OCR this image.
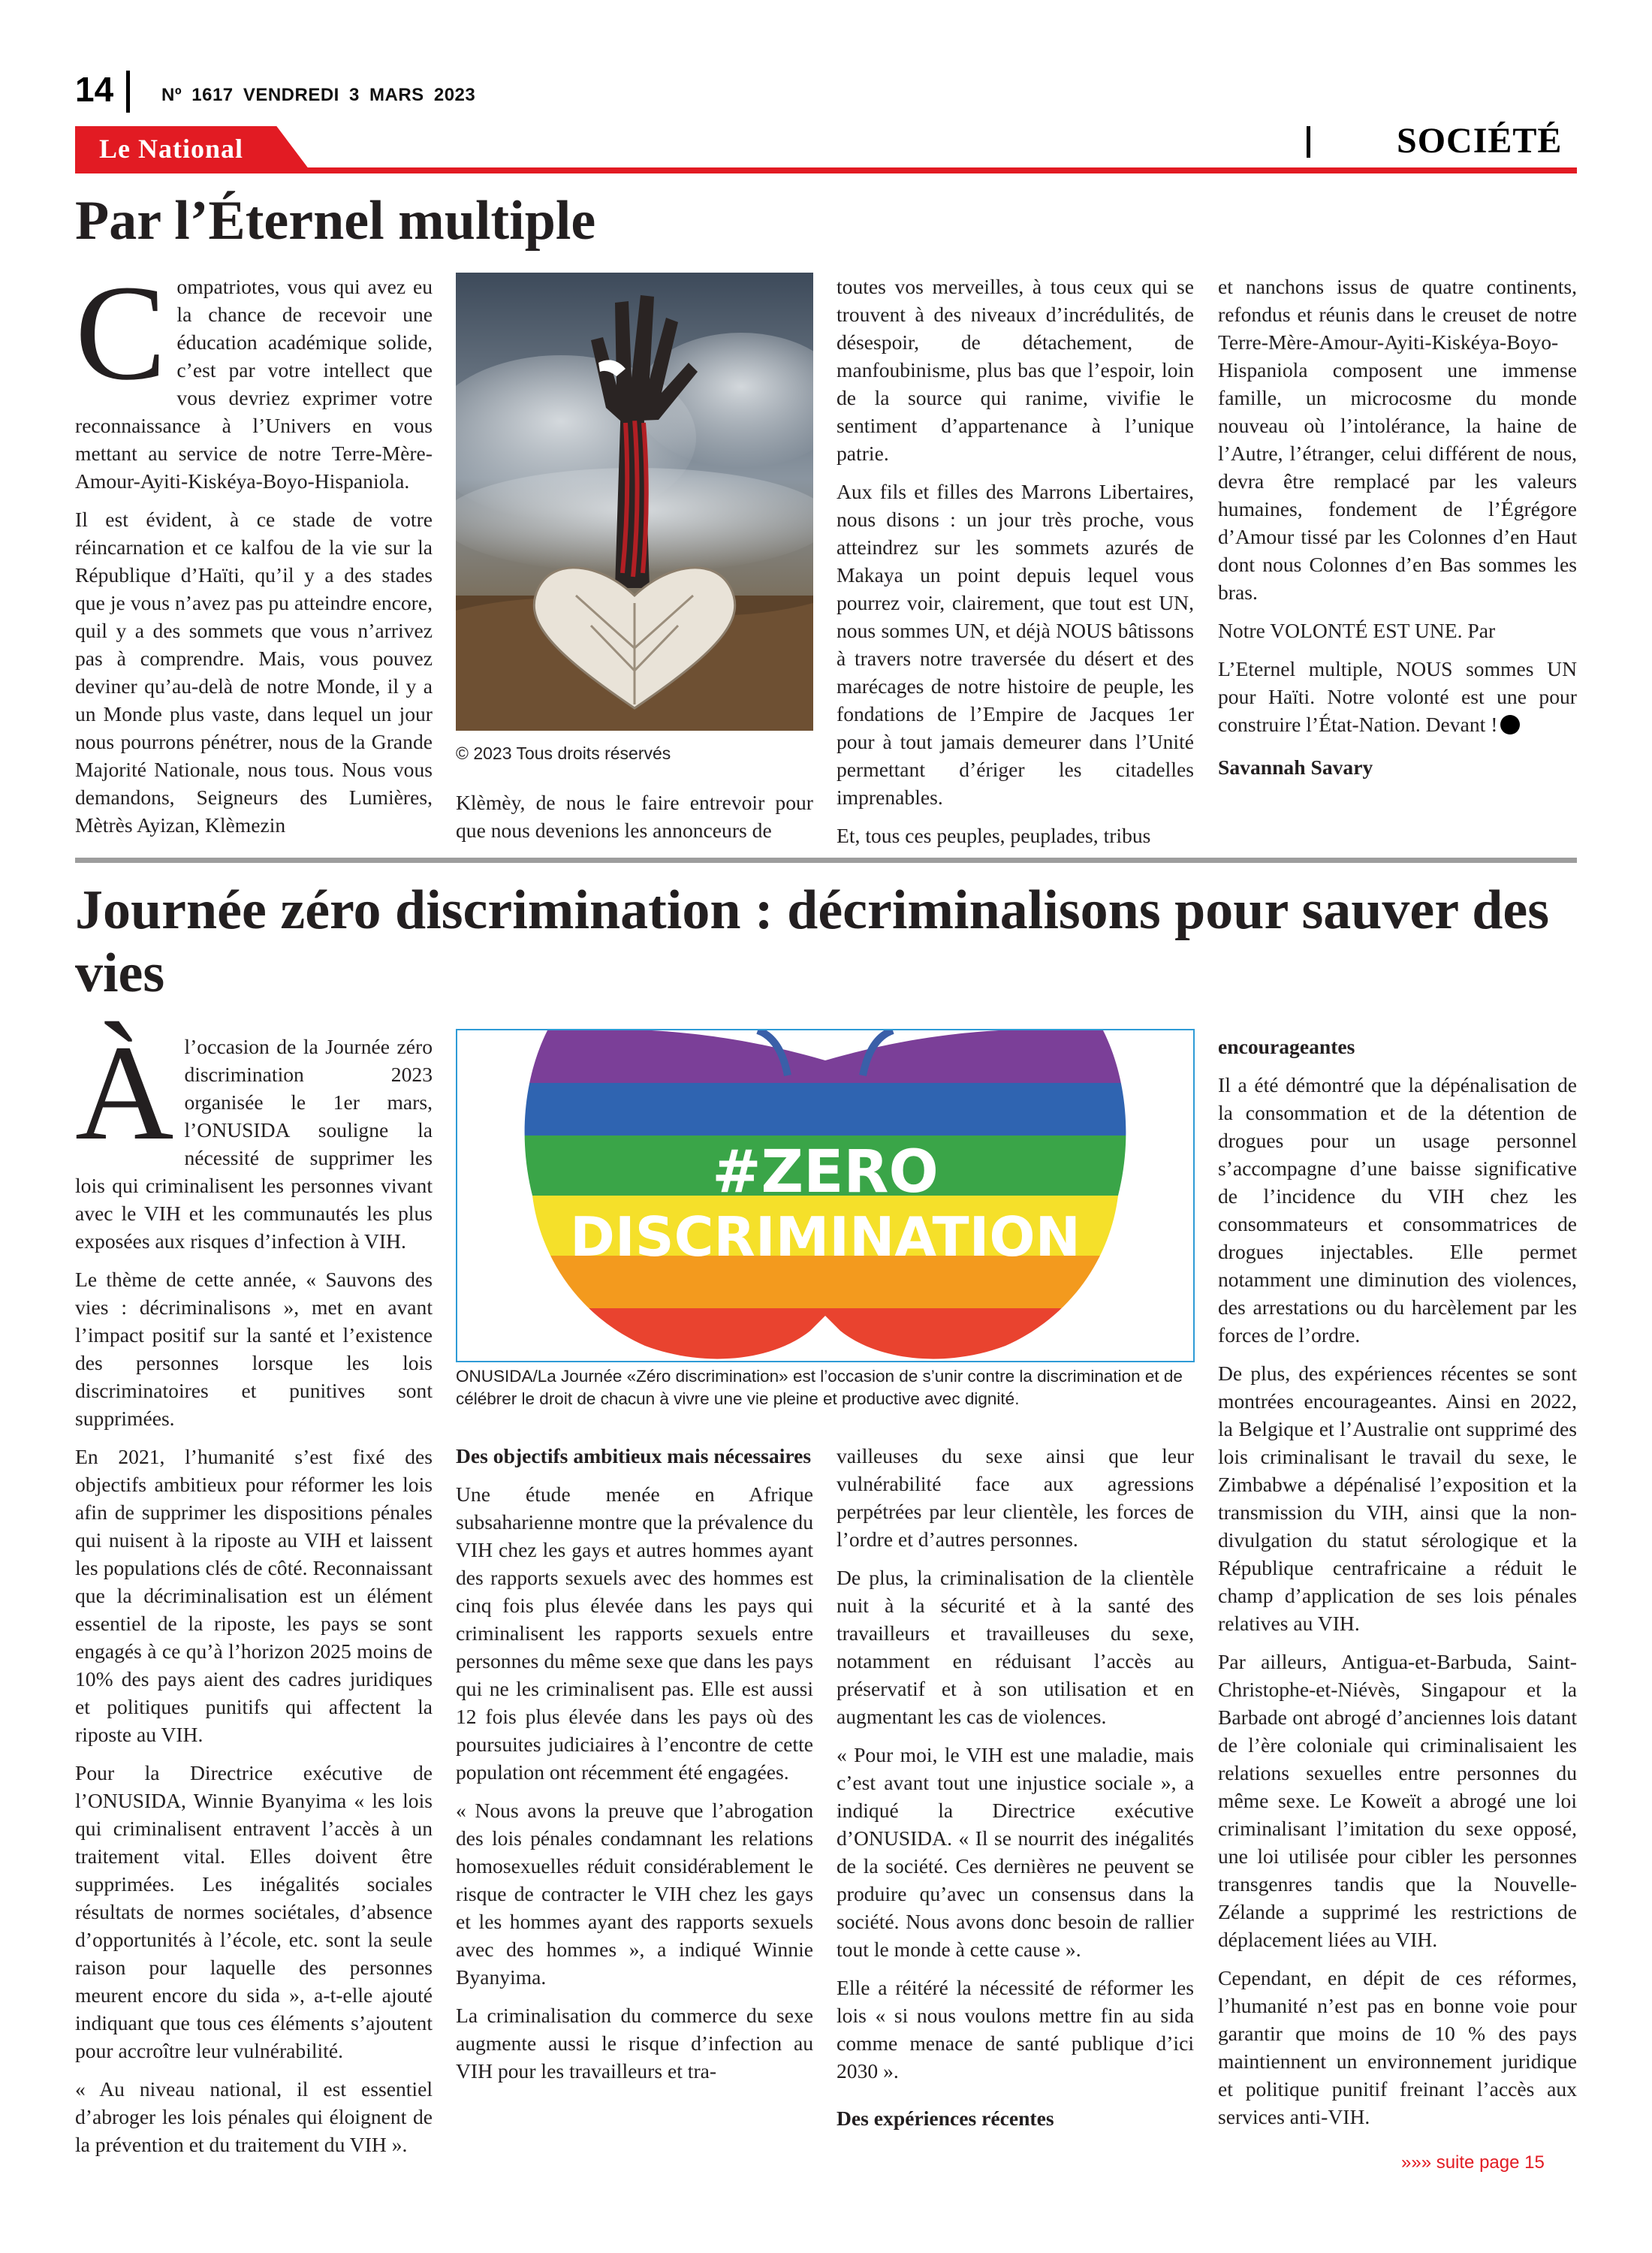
14	Nº 1617 VENDREDI 3 MARS 2023
Le National	SOCIÉTÉ
Par l’Éternel multiple

Compatriotes, vous qui avez eu la chance de recevoir une éducation académique solide, c’est par votre intellect que vous devriez exprimer votre reconnaissance à l’Univers en vous mettant au service de notre Terre-Mère-Amour-Ayiti-Kiskéya-Boyo-Hispaniola.

Il est évident, à ce stade de votre réincarnation et ce kalfou de la vie sur la République d’Haïti, qu’il y a des stades que je vous n’avez pas pu atteindre encore, quil y a des sommets que vous n’arrivez pas à comprendre. Mais, vous pouvez deviner qu’au-delà de notre Monde, il y a un Monde plus vaste, dans lequel un jour nous pourrons pénétrer, nous de la Grande Majorité Nationale, nous tous. Nous vous demandons, Seigneurs des Lumières, Mètrès Ayizan, Klèmezin

© 2023 Tous droits réservés

Klèmèy, de nous le faire entrevoir pour que nous devenions les annonceurs de

toutes vos merveilles, à tous ceux qui se trouvent à des niveaux d’incrédulités, de désespoir, de détachement, de manfoubinisme, plus bas que l’espoir, loin de la source qui ranime, vivifie le sentiment d’appartenance à l’unique patrie.

Aux fils et filles des Marrons Libertaires, nous disons : un jour très proche, vous atteindrez sur les sommets azurés de Makaya un point depuis lequel vous pourrez voir, clairement, que tout est UN, nous sommes UN, et déjà NOUS bâtissons à travers notre traversée du désert et des marécages de notre histoire de peuple, les fondations de l’Empire de Jacques 1er pour à tout jamais demeurer dans l’Unité permettant d’ériger les citadelles imprenables.

Et, tous ces peuples, peuplades, tribus

et nanchons issus de quatre continents, refondus et réunis dans le creuset de notre Terre-Mère-Amour-Ayiti-Kiskéya-Boyo-Hispaniola composent une immense famille, un microcosme du monde nouveau où l’intolérance, la haine de l’Autre, l’étranger, celui différent de nous, devra être remplacé par les valeurs humaines, fondement de l’Égrégore d’Amour tissé par les Colonnes d’en Haut dont nous Colonnes d’en Bas sommes les bras.

Notre VOLONTÉ EST UNE. Par

L’Eternel multiple, NOUS sommes UN pour Haïti. Notre volonté est une pour construire l’État-Nation. Devant !

Savannah Savary

Journée zéro discrimination : décriminalisons pour sauver des vies

Àl’occasion de la Journée zéro discrimination 2023 organisée le 1er mars, l’ONUSIDA souligne la nécessité de supprimer les lois qui criminalisent les personnes vivant avec le VIH et les communautés les plus exposées aux risques d’infection à VIH.

Le thème de cette année, « Sauvons des vies : décriminalisons », met en avant l’impact positif sur la santé et l’existence des personnes lorsque les lois discriminatoires et punitives sont supprimées.

En 2021, l’humanité s’est fixé des objectifs ambitieux pour réformer les lois afin de supprimer les dispositions pénales qui nuisent à la riposte au VIH et laissent les populations clés de côté. Reconnaissant que la décriminalisation est un élément essentiel de la riposte, les pays se sont engagés à ce qu’à l’horizon 2025 moins de 10% des pays aient des cadres juridiques et politiques punitifs qui affectent la riposte au VIH.

Pour la Directrice exécutive de l’ONUSIDA, Winnie Byanyima « les lois qui criminalisent entravent l’accès à un traitement vital. Elles doivent être supprimées. Les inégalités sociales résultats de normes sociétales, d’absence d’opportunités à l’école, etc. sont la seule raison pour laquelle des personnes meurent encore du sida », a-t-elle ajouté indiquant que tous ces éléments s’ajoutent pour accroître leur vulnérabilité.

« Au niveau national, il est essentiel d’abroger les lois pénales qui éloignent de la prévention et du traitement du VIH ».

#ZERO
DISCRIMINATION
ONUSIDA/La Journée «Zéro discrimination» est l’occasion de s’unir contre la discrimination et de célébrer le droit de chacun à vivre une vie pleine et productive avec dignité.

Des objectifs ambitieux mais nécessaires

Une étude menée en Afrique subsaharienne montre que la prévalence du VIH chez les gays et autres hommes ayant des rapports sexuels avec des hommes est cinq fois plus élevée dans les pays qui criminalisent les rapports sexuels entre personnes du même sexe que dans les pays qui ne les criminalisent pas. Elle est aussi 12 fois plus élevée dans les pays où des poursuites judiciaires à l’encontre de cette population ont récemment été engagées.

« Nous avons la preuve que l’abrogation des lois pénales condamnant les relations homosexuelles réduit considérablement le risque de contracter le VIH chez les gays et les hommes ayant des rapports sexuels avec des hommes », a indiqué Winnie Byanyima.

La criminalisation du commerce du sexe augmente aussi le risque d’infection au VIH pour les travailleurs et tra-

vailleuses du sexe ainsi que leur vulnérabilité face aux agressions perpétrées par leur clientèle, les forces de l’ordre et d’autres personnes.

De plus, la criminalisation de la clientèle nuit à la sécurité et à la santé des travailleurs et travailleuses du sexe, notamment en réduisant l’accès au préservatif et à son utilisation et en augmentant les cas de violences.

« Pour moi, le VIH est une maladie, mais c’est avant tout une injustice sociale », a indiqué la Directrice exécutive d’ONUSIDA. « Il se nourrit des inégalités de la société. Ces dernières ne peuvent se produire qu’avec un consensus dans la société. Nous avons donc besoin de rallier tout le monde à cette cause ».

Elle a réitéré la nécessité de réformer les lois « si nous voulons mettre fin au sida comme menace de santé publique d’ici 2030 ».

Des expériences récentes

encourageantes

Il a été démontré que la dépénalisation de la consommation et de la détention de drogues pour un usage personnel s’accompagne d’une baisse significative de l’incidence du VIH chez les consommateurs et consommatrices de drogues injectables. Elle permet notamment une diminution des violences, des arrestations ou du harcèlement par les forces de l’ordre.

De plus, des expériences récentes se sont montrées encourageantes. Ainsi en 2022, la Belgique et l’Australie ont supprimé des lois criminalisant le travail du sexe, le Zimbabwe a dépénalisé l’exposition et la transmission du VIH, ainsi que la non-divulgation du statut sérologique et la République centrafricaine a réduit le champ d’application de ses lois pénales relatives au VIH.

Par ailleurs, Antigua-et-Barbuda, Saint-Christophe-et-Niévès, Singapour et la Barbade ont abrogé d’anciennes lois datant de l’ère coloniale qui criminalisaient les relations sexuelles entre personnes du même sexe. Le Koweït a abrogé une loi criminalisant l’imitation du sexe opposé, une loi utilisée pour cibler les personnes transgenres tandis que la Nouvelle-Zélande a supprimé les restrictions de déplacement liées au VIH.

Cependant, en dépit de ces réformes, l’humanité n’est pas en bonne voie pour garantir que moins de 10 % des pays maintiennent un environnement juridique et politique punitif freinant l’accès aux services anti-VIH.

»»» suite page 15
